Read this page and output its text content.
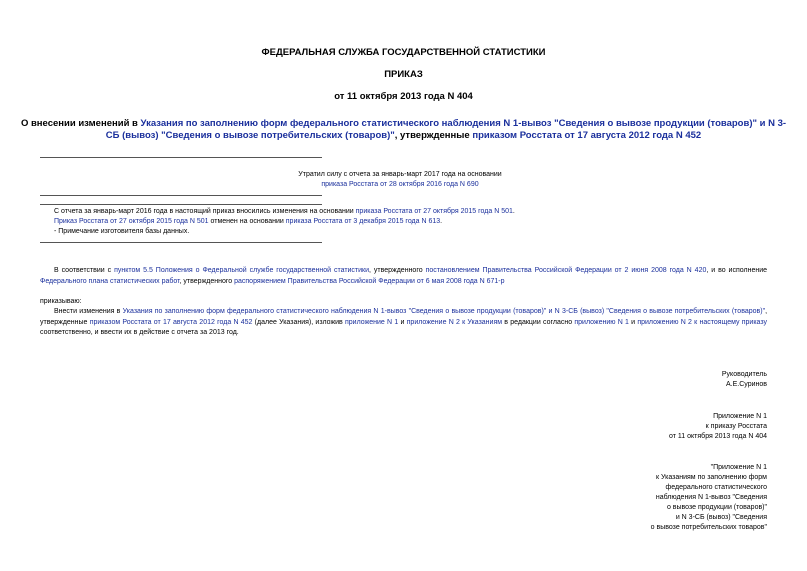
ФЕДЕРАЛЬНАЯ СЛУЖБА ГОСУДАРСТВЕННОЙ СТАТИСТИКИ
ПРИКАЗ
от 11 октября 2013 года N 404
О внесении изменений в Указания по заполнению форм федерального статистического наблюдения N 1-вывоз "Сведения о вывозе продукции (товаров)" и N 3-СБ (вывоз) "Сведения о вывозе потребительских (товаров)", утвержденные приказом Росстата от 17 августа 2012 года N 452
Утратил силу с отчета за январь-март 2017 года на основании
приказа Росстата от 28 октября 2016 года N 690
С отчета за январь-март 2016 года в настоящий приказ вносились изменения на основании приказа Росстата от 27 октября 2015 года N 501.
Приказ Росстата от 27 октября 2015 года N 501 отменен на основании приказа Росстата от 3 декабря 2015 года N 613.
- Примечание изготовителя базы данных.
В соответствии с пунктом 5.5 Положения о Федеральной службе государственной статистики, утвержденного постановлением Правительства Российской Федерации от 2 июня 2008 года N 420, и во исполнение Федерального плана статистических работ, утвержденного распоряжением Правительства Российской Федерации от 6 мая 2008 года N 671-р
приказываю:
Внести изменения в Указания по заполнению форм федерального статистического наблюдения N 1-вывоз "Сведения о вывозе продукции (товаров)" и N 3-СБ (вывоз) "Сведения о вывозе потребительских (товаров)", утвержденные приказом Росстата от 17 августа 2012 года N 452 (далее Указания), изложив приложение N 1 и приложение N 2 к Указаниям в редакции согласно приложению N 1 и приложению N 2 к настоящему приказу соответственно, и ввести их в действие с отчета за 2013 год.
Руководитель
А.Е.Суринов
Приложение N 1
к приказу Росстата
от 11 октября 2013 года N 404
"Приложение N 1
к Указаниям по заполнению форм
федерального статистического
наблюдения N 1-вывоз "Сведения
о вывозе продукции (товаров)"
и N 3-СБ (вывоз) "Сведения
о вывозе потребительских товаров"
